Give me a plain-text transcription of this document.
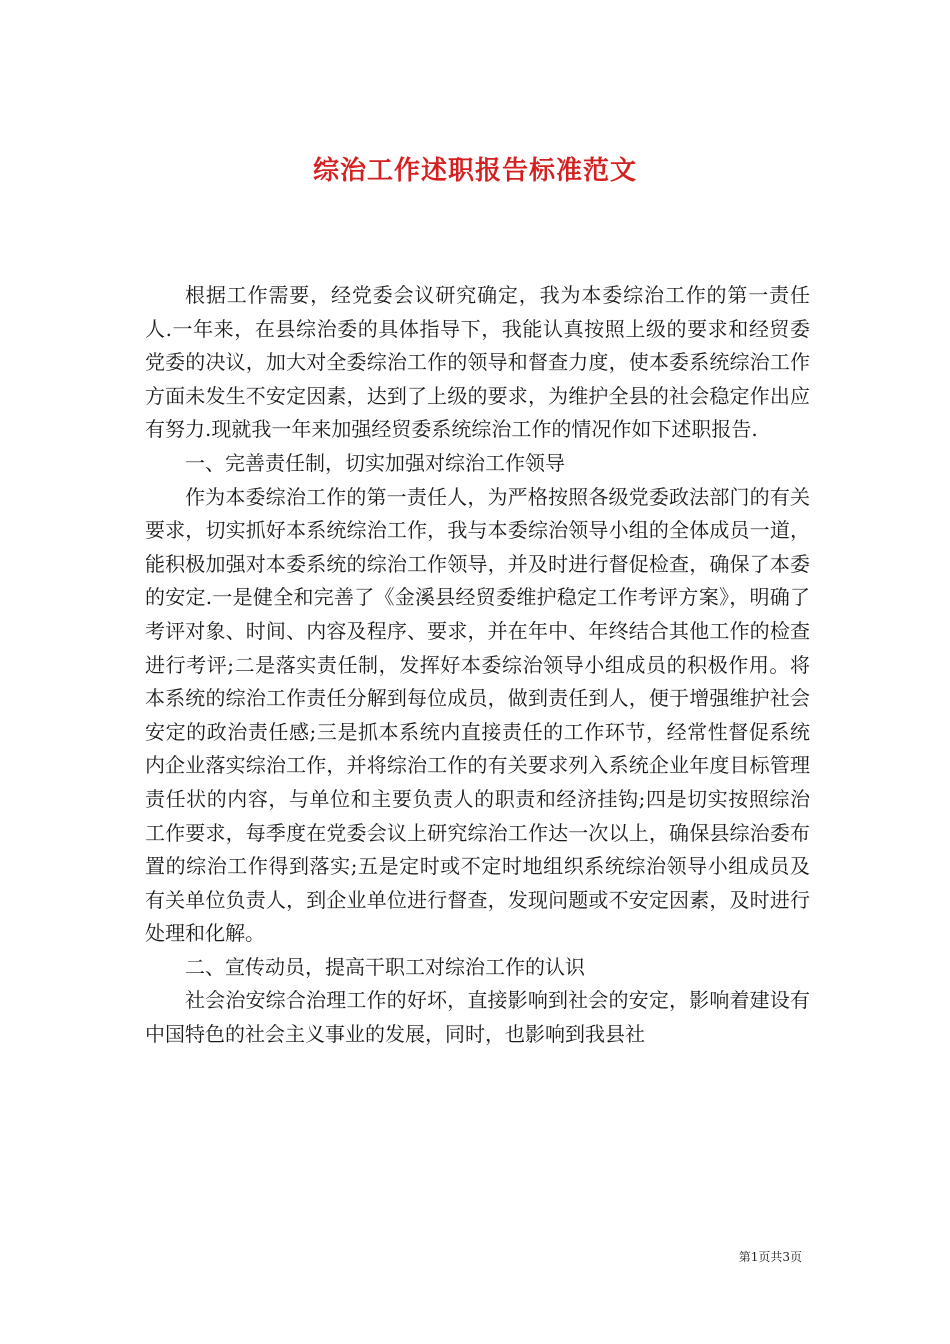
综治工作述职报告标准范文

根据工作需要，经党委会议研究确定，我为本委综治工作的第一责任人.一年来，在县综治委的具体指导下，我能认真按照上级的要求和经贸委党委的决议，加大对全委综治工作的领导和督查力度，使本委系统综治工作方面未发生不安定因素，达到了上级的要求，为维护全县的社会稳定作出应有努力.现就我一年来加强经贸委系统综治工作的情况作如下述职报告.

一、完善责任制，切实加强对综治工作领导

作为本委综治工作的第一责任人，为严格按照各级党委政法部门的有关要求，切实抓好本系统综治工作，我与本委综治领导小组的全体成员一道，能积极加强对本委系统的综治工作领导，并及时进行督促检查，确保了本委的安定.一是健全和完善了《金溪县经贸委维护稳定工作考评方案》，明确了考评对象、时间、内容及程序、要求，并在年中、年终结合其他工作的检查进行考评;二是落实责任制，发挥好本委综治领导小组成员的积极作用。将本系统的综治工作责任分解到每位成员，做到责任到人，便于增强维护社会安定的政治责任感;三是抓本系统内直接责任的工作环节，经常性督促系统内企业落实综治工作，并将综治工作的有关要求列入系统企业年度目标管理责任状的内容，与单位和主要负责人的职责和经济挂钩;四是切实按照综治工作要求，每季度在党委会议上研究综治工作达一次以上，确保县综治委布置的综治工作得到落实;五是定时或不定时地组织系统综治领导小组成员及有关单位负责人，到企业单位进行督查，发现问题或不安定因素，及时进行处理和化解。

二、宣传动员，提高干职工对综治工作的认识

社会治安综合治理工作的好坏，直接影响到社会的安定，影响着建设有中国特色的社会主义事业的发展，同时，也影响到我县社

第1页共3页
